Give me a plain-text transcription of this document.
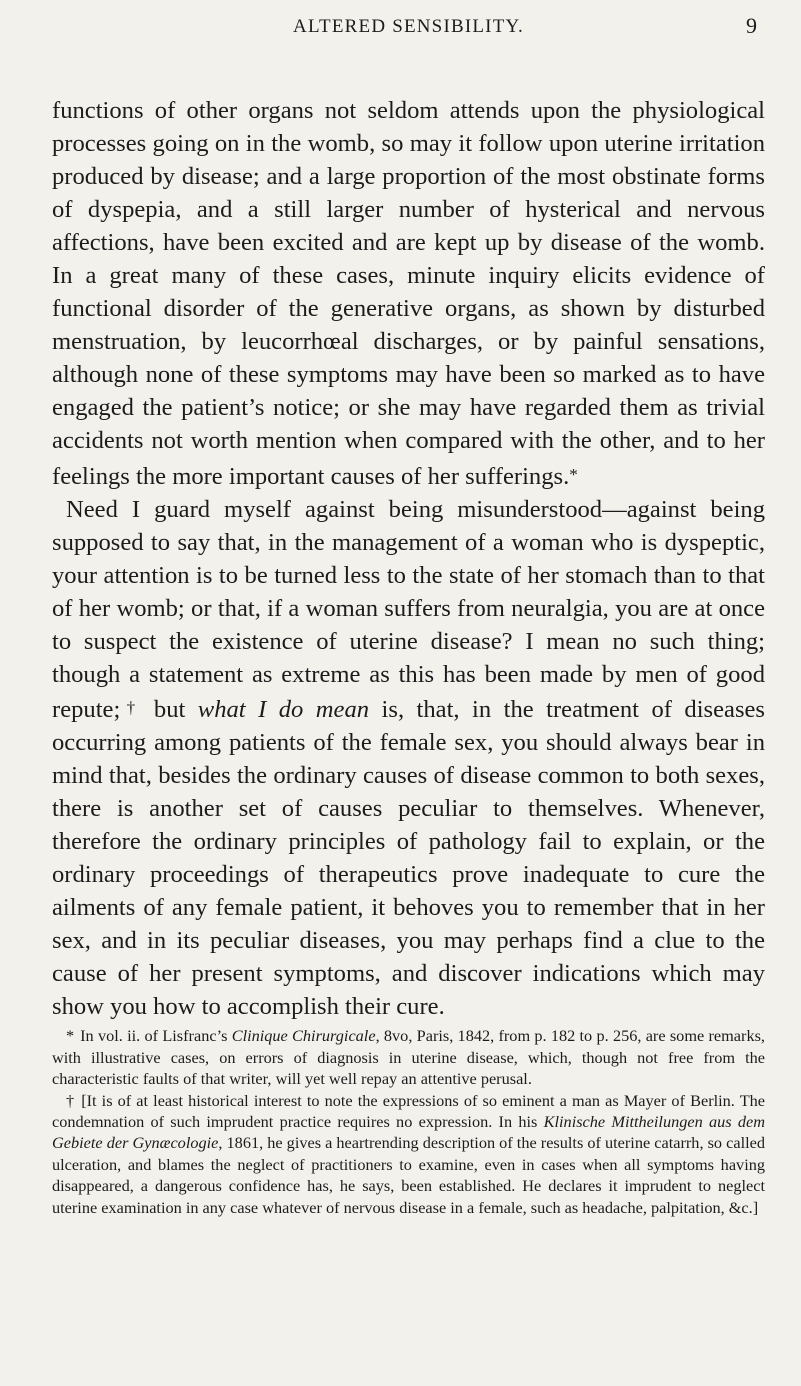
ALTERED SENSIBILITY.	9

functions of other organs not seldom attends upon the physiological processes going on in the womb, so may it follow upon uterine irritation produced by disease; and a large proportion of the most obstinate forms of dyspepia, and a still larger number of hysterical and nervous affections, have been excited and are kept up by disease of the womb. In a great many of these cases, minute inquiry elicits evidence of functional disorder of the generative organs, as shown by disturbed menstruation, by leucorrhœal discharges, or by painful sensations, although none of these symptoms may have been so marked as to have engaged the patient’s notice; or she may have regarded them as trivial accidents not worth mention when compared with the other, and to her feelings the more important causes of her sufferings.*

Need I guard myself against being misunderstood—against being supposed to say that, in the management of a woman who is dyspeptic, your attention is to be turned less to the state of her stomach than to that of her womb; or that, if a woman suffers from neuralgia, you are at once to suspect the existence of uterine disease? I mean no such thing; though a statement as extreme as this has been made by men of good repute;† but what I do mean is, that, in the treatment of diseases occurring among patients of the female sex, you should always bear in mind that, besides the ordinary causes of disease common to both sexes, there is another set of causes peculiar to themselves. Whenever, therefore the ordinary principles of pathology fail to explain, or the ordinary proceedings of therapeutics prove inadequate to cure the ailments of any female patient, it behoves you to remember that in her sex, and in its peculiar diseases, you may perhaps find a clue to the cause of her present symptoms, and discover indications which may show you how to accomplish their cure.

* In vol. ii. of Lisfranc’s Clinique Chirurgicale, 8vo, Paris, 1842, from p. 182 to p. 256, are some remarks, with illustrative cases, on errors of diagnosis in uterine disease, which, though not free from the characteristic faults of that writer, will yet well repay an attentive perusal.

† [It is of at least historical interest to note the expressions of so eminent a man as Mayer of Berlin. The condemnation of such imprudent practice requires no expression. In his Klinische Mittheilungen aus dem Gebiete der Gynæcologie, 1861, he gives a heartrending description of the results of uterine catarrh, so called ulceration, and blames the neglect of practitioners to examine, even in cases when all symptoms having disappeared, a dangerous confidence has, he says, been established. He declares it imprudent to neglect uterine examination in any case whatever of nervous disease in a female, such as headache, palpitation, &c.]
